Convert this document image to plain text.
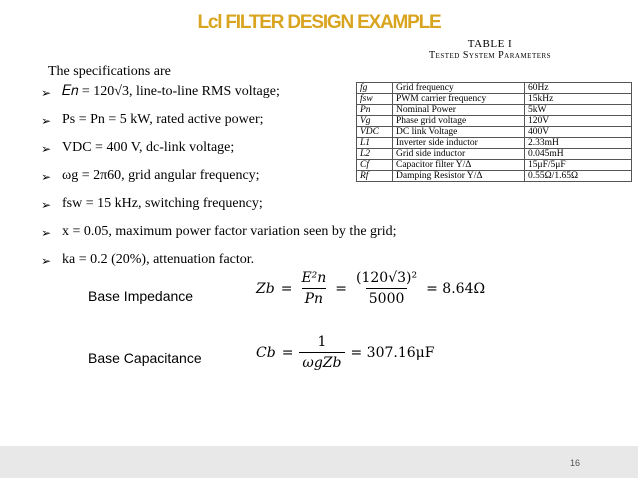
Lcl FILTER DESIGN EXAMPLE
The specifications are
➢ 𝐸𝑛 = 120√3, line-to-line RMS voltage;
➢ Ps = Pn = 5 kW, rated active power;
➢ VDC = 400 V, dc-link voltage;
➢ ωg = 2π60, grid angular frequency;
➢ fsw = 15 kHz, switching frequency;
➢ x = 0.05, maximum power factor variation seen by the grid;
➢ ka = 0.2 (20%), attenuation factor.
TABLE I
Tested System Parameters
fg	Grid frequency	60Hz
fsw	PWM carrier frequency	15kHz
Pn	Nominal Power	5kW
Vg	Phase grid voltage	120V
VDC	DC link Voltage	400V
L1	Inverter side inductor	2.33mH
L2	Grid side inductor	0.045mH
Cf	Capacitor filter Y/Δ	15μF/5μF
Rf	Damping Resistor Y/Δ	0.55Ω/1.65Ω
Base Impedance	$Zb = \frac{\text{E²n}}{Pn} = \frac{\text{(120√3)²}}{5000} = 8.64\Omega$
Base Capacitance	$Cb = \frac{1}{\text{ωgZb}} = 307.16\mu F$
16
